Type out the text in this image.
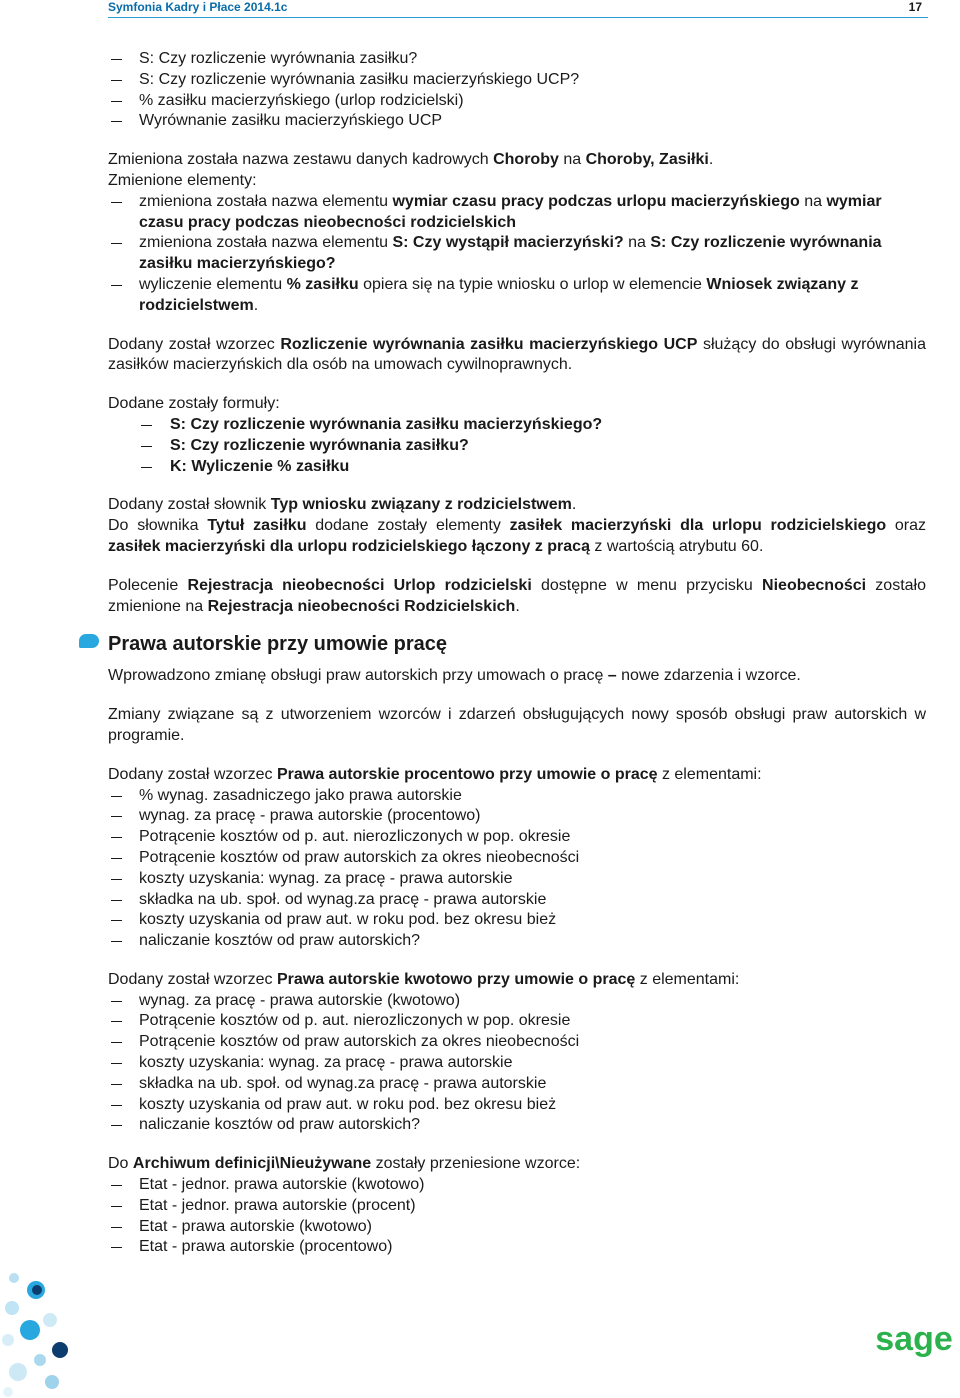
Symfonia Kadry i Płace 2014.1c	17
S: Czy rozliczenie wyrównania zasiłku?
S: Czy rozliczenie wyrównania zasiłku macierzyńskiego UCP?
% zasiłku macierzyńskiego (urlop rodzicielski)
Wyrównanie zasiłku macierzyńskiego UCP

Zmieniona została nazwa zestawu danych kadrowych Choroby na Choroby, Zasiłki.

Zmienione elementy:

zmieniona została nazwa elementu wymiar czasu pracy podczas urlopu macierzyńskiego na wymiar czasu pracy podczas nieobecności rodzicielskich
zmieniona została nazwa elementu S: Czy wystąpił macierzyński? na S: Czy rozliczenie wyrównania zasiłku macierzyńskiego?
wyliczenie elementu % zasiłku opiera się na typie wniosku o urlop w elemencie Wniosek związany z rodzicielstwem.

Dodany został wzorzec Rozliczenie wyrównania zasiłku macierzyńskiego UCP służący do obsługi wyrównania zasiłków macierzyńskich dla osób na umowach cywilnoprawnych.

Dodane zostały formuły:

S: Czy rozliczenie wyrównania zasiłku macierzyńskiego?
S: Czy rozliczenie wyrównania zasiłku?
K: Wyliczenie % zasiłku

Dodany został słownik Typ wniosku związany z rodzicielstwem.

Do słownika Tytuł zasiłku dodane zostały elementy zasiłek macierzyński dla urlopu rodzicielskiego oraz zasiłek macierzyński dla urlopu rodzicielskiego łączony z pracą z wartością atrybutu 60.

Polecenie Rejestracja nieobecności Urlop rodzicielski dostępne w menu przycisku Nieobecności zostało zmienione na Rejestracja nieobecności Rodzicielskich.

Prawa autorskie przy umowie pracę

Wprowadzono zmianę obsługi praw autorskich przy umowach o pracę – nowe zdarzenia i wzorce.

Zmiany związane są z utworzeniem wzorców i zdarzeń obsługujących nowy sposób obsługi praw autorskich w programie.

Dodany został wzorzec Prawa autorskie procentowo przy umowie o pracę z elementami:

% wynag. zasadniczego jako prawa autorskie
wynag. za pracę - prawa autorskie (procentowo)
Potrącenie kosztów od p. aut. nierozliczonych w pop. okresie
Potrącenie kosztów od praw autorskich za okres nieobecności
koszty uzyskania: wynag. za pracę - prawa autorskie
składka na ub. społ. od wynag.za pracę - prawa autorskie
koszty uzyskania od praw aut. w roku pod. bez okresu bież
naliczanie kosztów od praw autorskich?

Dodany został wzorzec Prawa autorskie kwotowo przy umowie o pracę z elementami:

wynag. za pracę - prawa autorskie (kwotowo)
Potrącenie kosztów od p. aut. nierozliczonych w pop. okresie
Potrącenie kosztów od praw autorskich za okres nieobecności
koszty uzyskania: wynag. za pracę - prawa autorskie
składka na ub. społ. od wynag.za pracę - prawa autorskie
koszty uzyskania od praw aut. w roku pod. bez okresu bież
naliczanie kosztów od praw autorskich?

Do Archiwum definicji\Nieużywane zostały przeniesione wzorce:

Etat - jednor. prawa autorskie (kwotowo)
Etat - jednor. prawa autorskie (procent)
Etat - prawa autorskie (kwotowo)
Etat - prawa autorskie (procentowo)
sage
